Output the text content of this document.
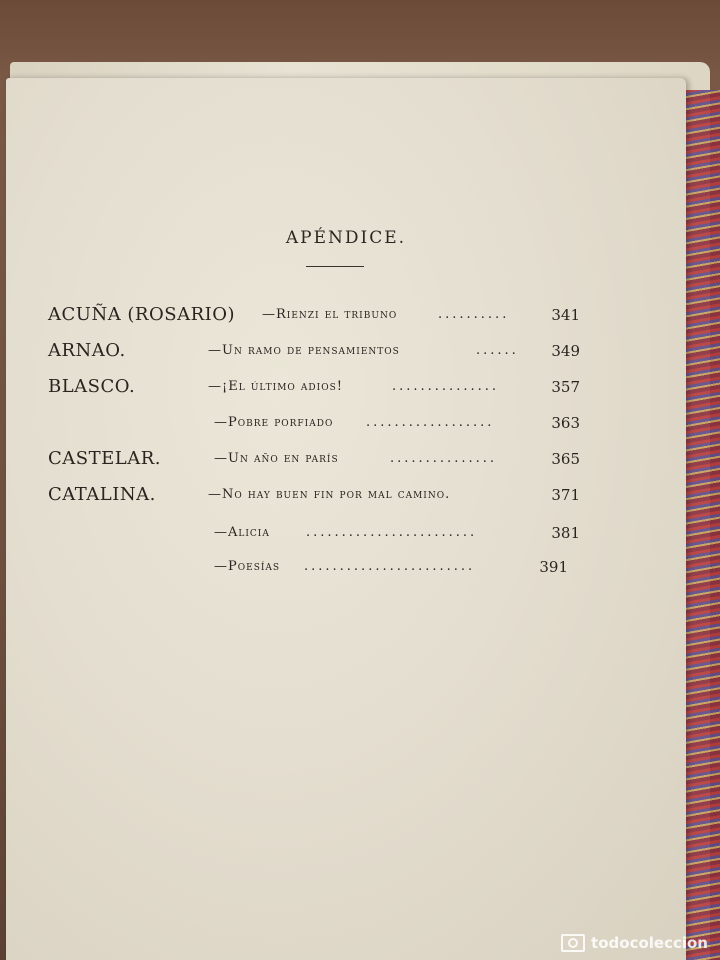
APÉNDICE.
ACUÑA (ROSARIO) —Rienzi el tribuno	..........	341
ARNAO.	—Un ramo de pensamientos	......	349
BLASCO.	—¡El último adios!	...............	357
—Pobre porfiado	..................	363
CASTELAR.	—Un año en parís	...............	365
CATALINA.	—No hay buen fin por mal camino.	371
—Alicia	........................	381
—Poesías ........................	391
todocoleccion
